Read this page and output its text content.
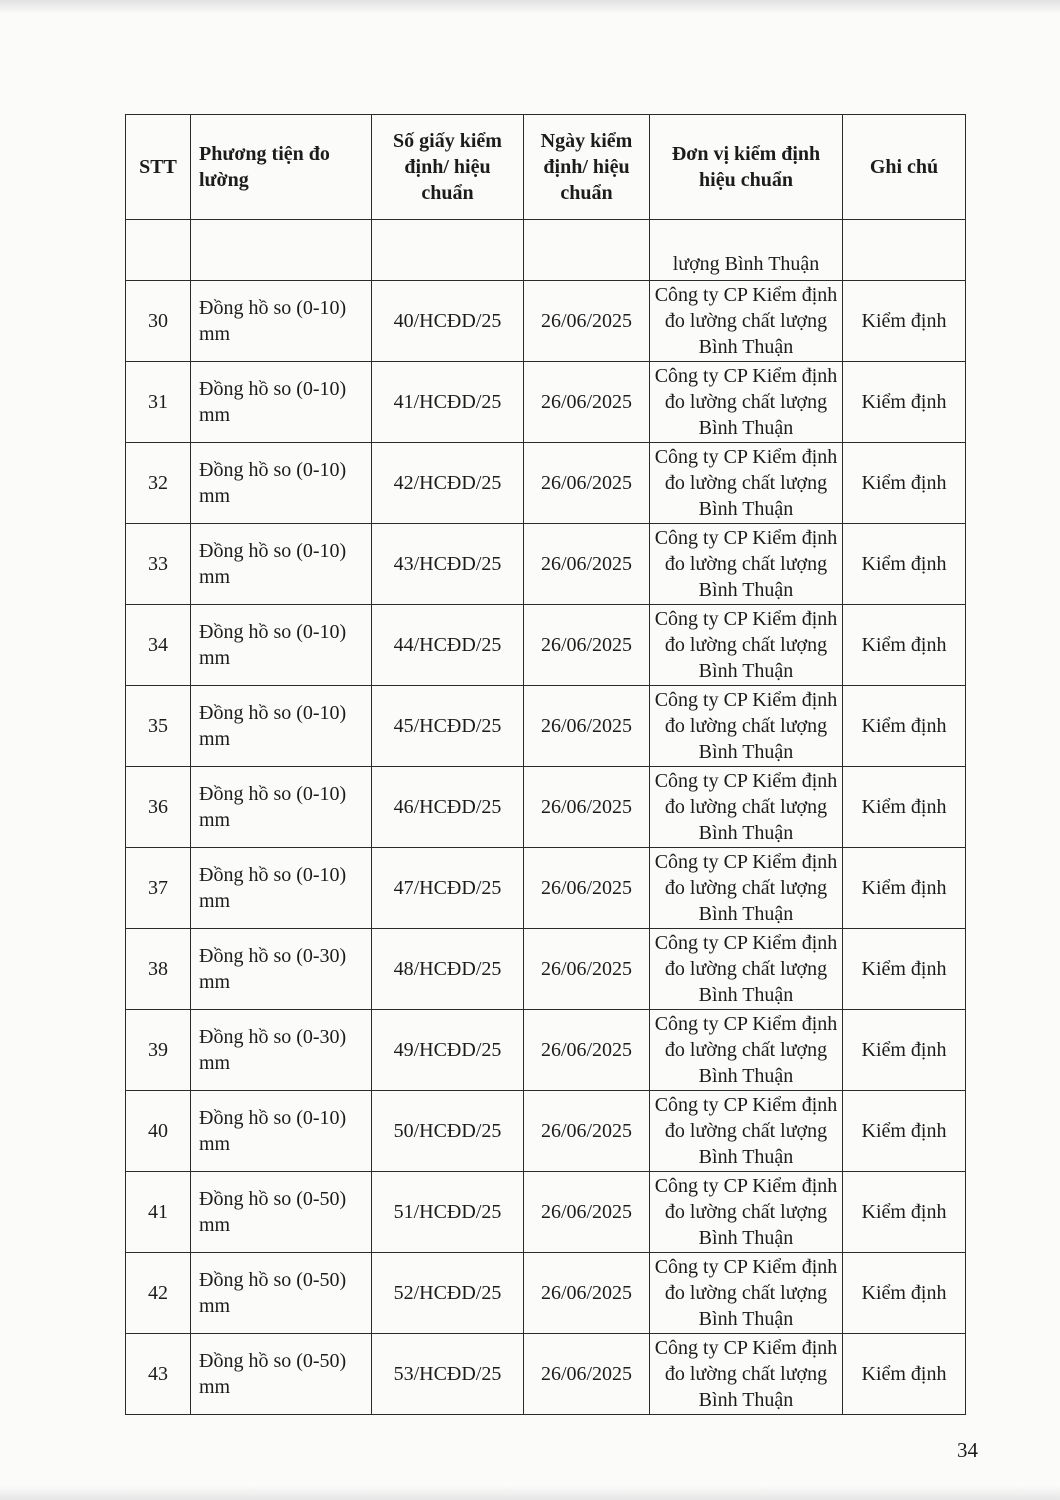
STT	Phương tiện đo lường	Số giấy kiểm định/ hiệu chuẩn	Ngày kiểm định/ hiệu chuẩn	Đơn vị kiểm định hiệu chuẩn	Ghi chú
				lượng Bình Thuận	
30	Đồng hồ so (0-10) mm	40/HCĐD/25	26/06/2025	Công ty CP Kiểm định đo lường chất lượng Bình Thuận	Kiểm định
31	Đồng hồ so (0-10) mm	41/HCĐD/25	26/06/2025	Công ty CP Kiểm định đo lường chất lượng Bình Thuận	Kiểm định
32	Đồng hồ so (0-10) mm	42/HCĐD/25	26/06/2025	Công ty CP Kiểm định đo lường chất lượng Bình Thuận	Kiểm định
33	Đồng hồ so (0-10) mm	43/HCĐD/25	26/06/2025	Công ty CP Kiểm định đo lường chất lượng Bình Thuận	Kiểm định
34	Đồng hồ so (0-10) mm	44/HCĐD/25	26/06/2025	Công ty CP Kiểm định đo lường chất lượng Bình Thuận	Kiểm định
35	Đồng hồ so (0-10) mm	45/HCĐD/25	26/06/2025	Công ty CP Kiểm định đo lường chất lượng Bình Thuận	Kiểm định
36	Đồng hồ so (0-10) mm	46/HCĐD/25	26/06/2025	Công ty CP Kiểm định đo lường chất lượng Bình Thuận	Kiểm định
37	Đồng hồ so (0-10) mm	47/HCĐD/25	26/06/2025	Công ty CP Kiểm định đo lường chất lượng Bình Thuận	Kiểm định
38	Đồng hồ so (0-30) mm	48/HCĐD/25	26/06/2025	Công ty CP Kiểm định đo lường chất lượng Bình Thuận	Kiểm định
39	Đồng hồ so (0-30) mm	49/HCĐD/25	26/06/2025	Công ty CP Kiểm định đo lường chất lượng Bình Thuận	Kiểm định
40	Đồng hồ so (0-10) mm	50/HCĐD/25	26/06/2025	Công ty CP Kiểm định đo lường chất lượng Bình Thuận	Kiểm định
41	Đồng hồ so (0-50) mm	51/HCĐD/25	26/06/2025	Công ty CP Kiểm định đo lường chất lượng Bình Thuận	Kiểm định
42	Đồng hồ so (0-50) mm	52/HCĐD/25	26/06/2025	Công ty CP Kiểm định đo lường chất lượng Bình Thuận	Kiểm định
43	Đồng hồ so (0-50) mm	53/HCĐD/25	26/06/2025	Công ty CP Kiểm định đo lường chất lượng Bình Thuận	Kiểm định
34
